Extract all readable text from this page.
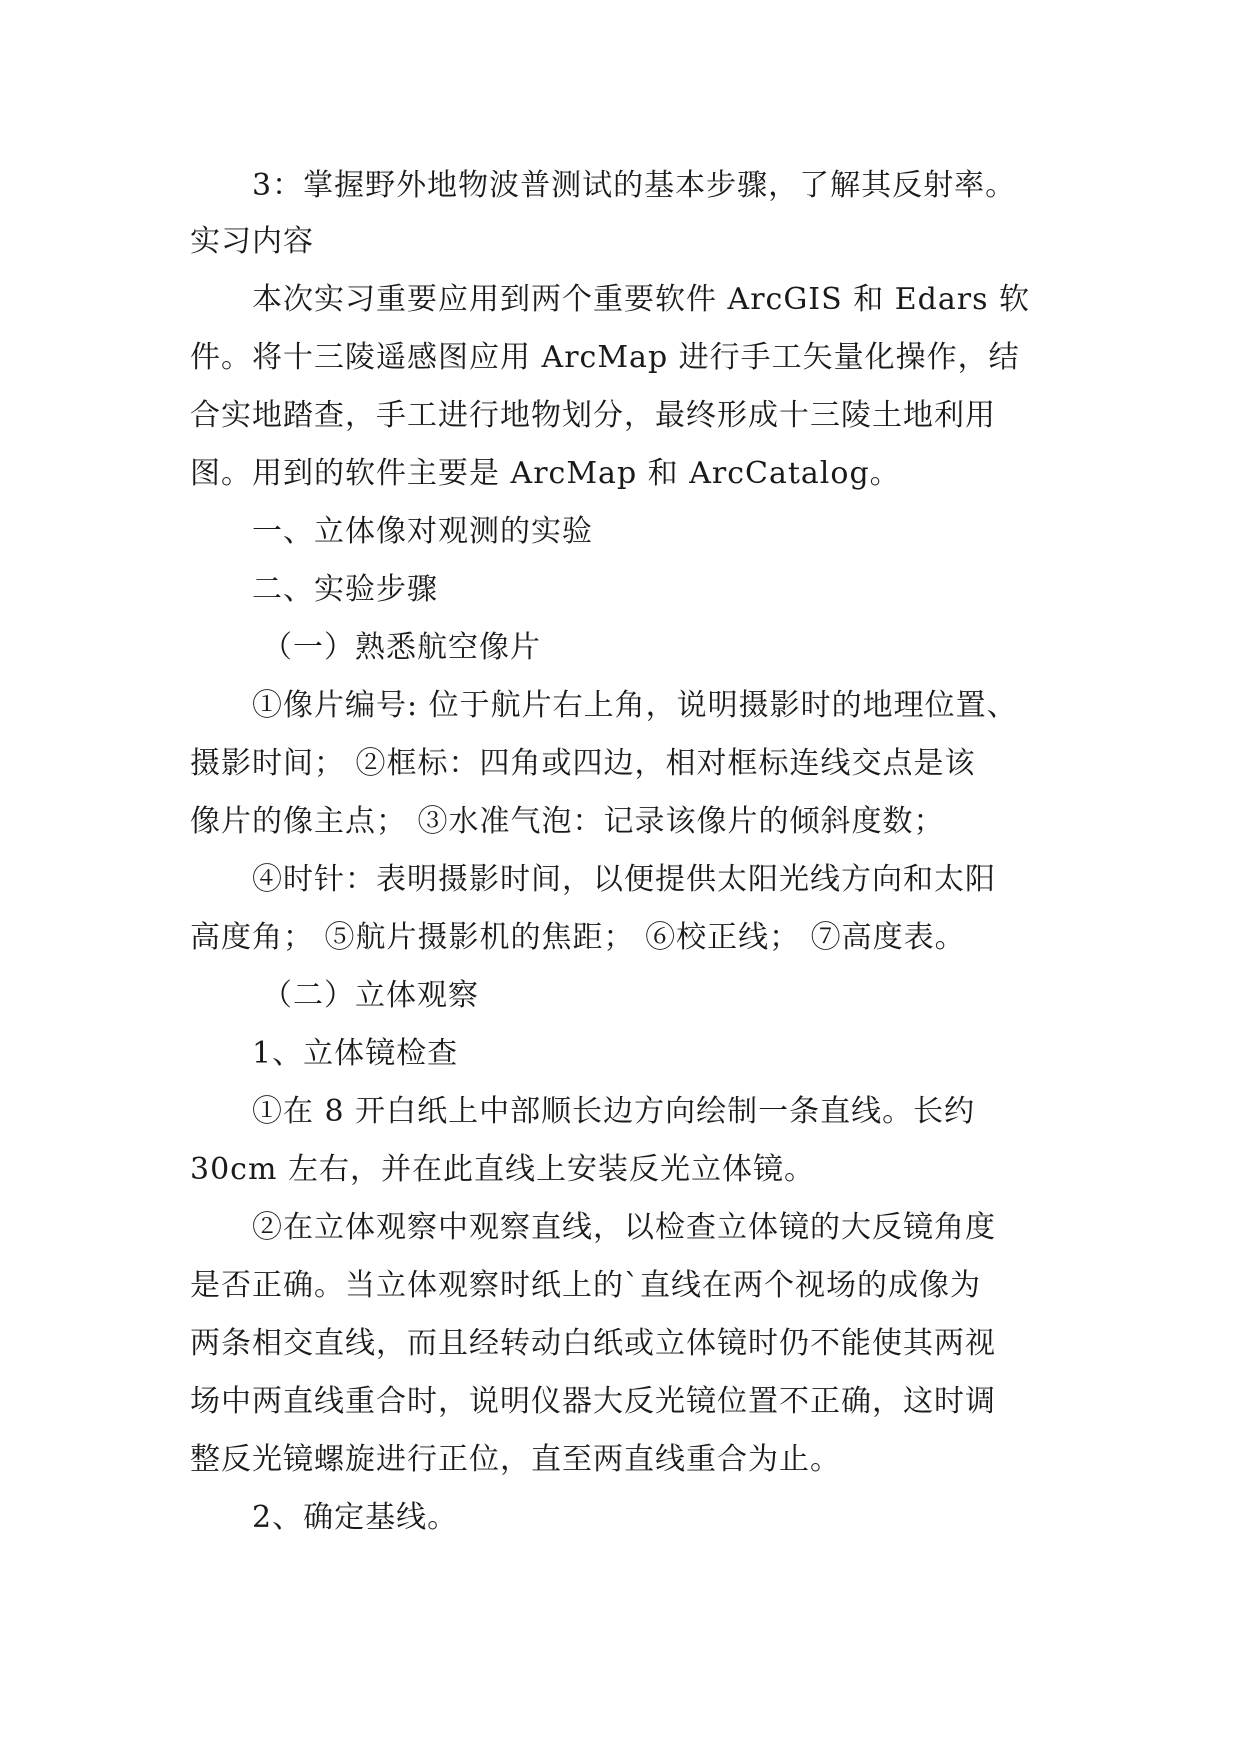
3：掌握野外地物波普测试的基本步骤，了解其反射率。
实习内容
本次实习重要应用到两个重要软件 ArcGIS 和 Edars 软
件。将十三陵遥感图应用 ArcMap 进行手工矢量化操作，结
合实地踏查，手工进行地物划分，最终形成十三陵土地利用
图。用到的软件主要是 ArcMap 和 ArcCatalog。
一、立体像对观测的实验
二、实验步骤
（一）熟悉航空像片
①像片编号: 位于航片右上角，说明摄影时的地理位置、
摄影时间； ②框标：四角或四边，相对框标连线交点是该
像片的像主点； ③水准气泡：记录该像片的倾斜度数；
④时针：表明摄影时间，以便提供太阳光线方向和太阳
高度角； ⑤航片摄影机的焦距； ⑥校正线； ⑦高度表。
（二）立体观察
1、立体镜检查
①在 8 开白纸上中部顺长边方向绘制一条直线。长约
30cm 左右，并在此直线上安装反光立体镜。
②在立体观察中观察直线，以检查立体镜的大反镜角度
是否正确。当立体观察时纸上的`直线在两个视场的成像为
两条相交直线，而且经转动白纸或立体镜时仍不能使其两视
场中两直线重合时，说明仪器大反光镜位置不正确，这时调
整反光镜螺旋进行正位，直至两直线重合为止。
2、确定基线。
